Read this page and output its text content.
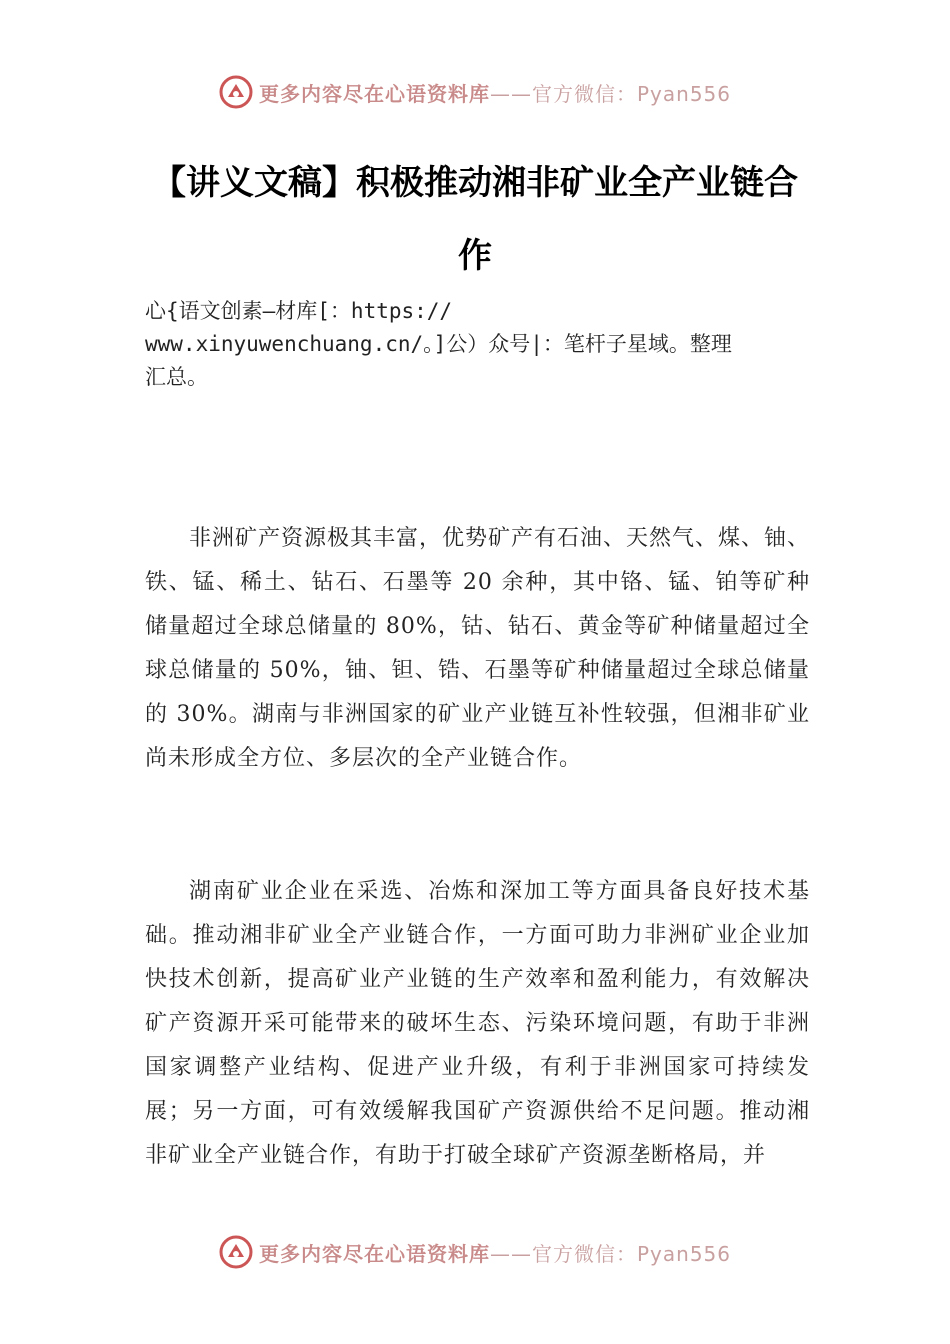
更多内容尽在心语资料库——官方微信：Pyan556
【讲义文稿】积极推动湘非矿业全产业链合
作
心{语文创素—材库[：https://
www.xinyuwenchuang.cn/。]公）众号|：笔杆子星域。整理
汇总。

非洲矿产资源极其丰富，优势矿产有石油、天然气、煤、铀、铁、锰、稀土、钻石、石墨等 20 余种，其中铬、锰、铂等矿种储量超过全球总储量的 80%，钴、钻石、黄金等矿种储量超过全球总储量的 50%，铀、钽、锆、石墨等矿种储量超过全球总储量的 30%。湖南与非洲国家的矿业产业链互补性较强，但湘非矿业尚未形成全方位、多层次的全产业链合作。

湖南矿业企业在采选、冶炼和深加工等方面具备良好技术基础。推动湘非矿业全产业链合作，一方面可助力非洲矿业企业加快技术创新，提高矿业产业链的生产效率和盈利能力，有效解决矿产资源开采可能带来的破坏生态、污染环境问题，有助于非洲国家调整产业结构、促进产业升级，有利于非洲国家可持续发展；另一方面，可有效缓解我国矿产资源供给不足问题。推动湘非矿业全产业链合作，有助于打破全球矿产资源垄断格局，并

更多内容尽在心语资料库——官方微信：Pyan556
